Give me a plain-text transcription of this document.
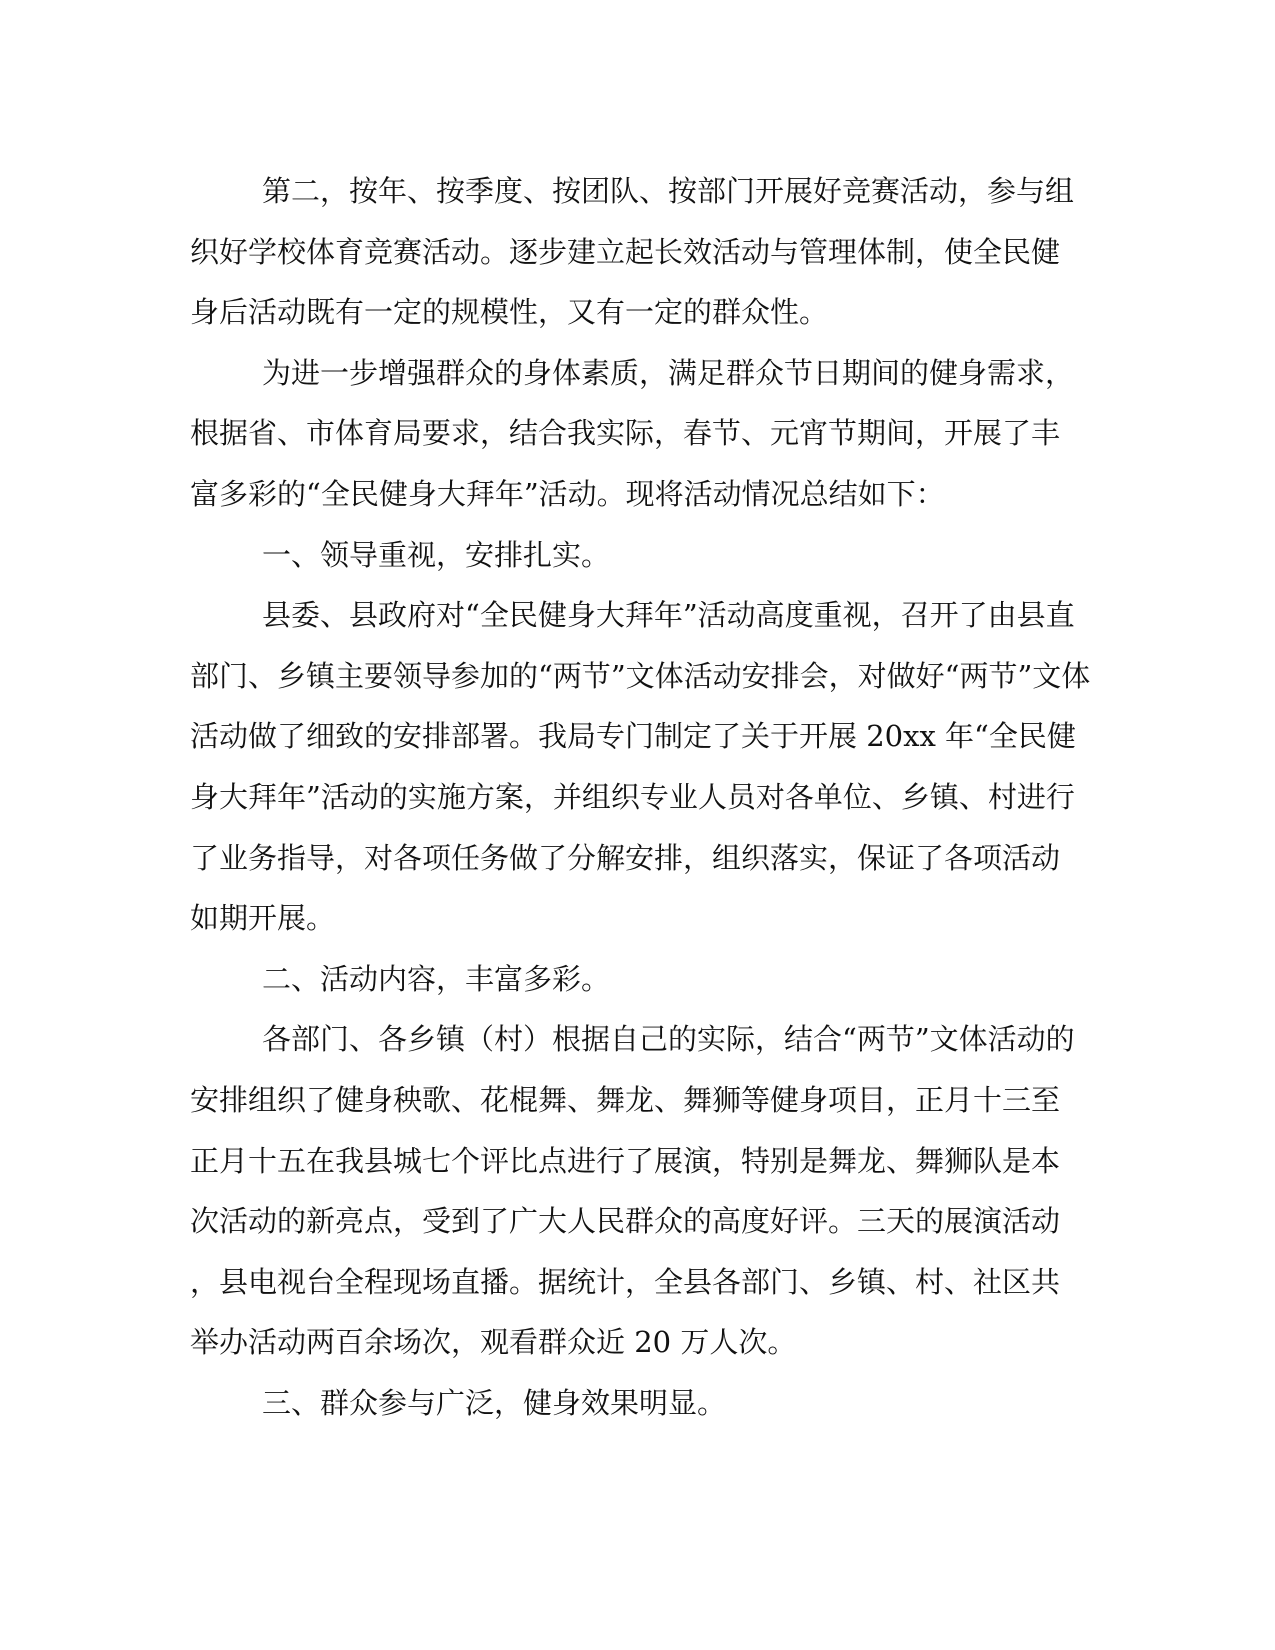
第二，按年、按季度、按团队、按部门开展好竞赛活动，参与组
织好学校体育竞赛活动。逐步建立起长效活动与管理体制，使全民健
身后活动既有一定的规模性，又有一定的群众性。
为进一步增强群众的身体素质，满足群众节日期间的健身需求，
根据省、市体育局要求，结合我实际，春节、元宵节期间，开展了丰
富多彩的“全民健身大拜年”活动。现将活动情况总结如下：
一、领导重视，安排扎实。
县委、县政府对“全民健身大拜年”活动高度重视，召开了由县直
部门、乡镇主要领导参加的“两节”文体活动安排会，对做好“两节”文体
活动做了细致的安排部署。我局专门制定了关于开展 20xx 年“全民健
身大拜年”活动的实施方案，并组织专业人员对各单位、乡镇、村进行
了业务指导，对各项任务做了分解安排，组织落实，保证了各项活动
如期开展。
二、活动内容，丰富多彩。
各部门、各乡镇（村）根据自己的实际，结合“两节”文体活动的
安排组织了健身秧歌、花棍舞、舞龙、舞狮等健身项目，正月十三至
正月十五在我县城七个评比点进行了展演，特别是舞龙、舞狮队是本
次活动的新亮点，受到了广大人民群众的高度好评。三天的展演活动
，县电视台全程现场直播。据统计，全县各部门、乡镇、村、社区共
举办活动两百余场次，观看群众近 20 万人次。
三、群众参与广泛，健身效果明显。
